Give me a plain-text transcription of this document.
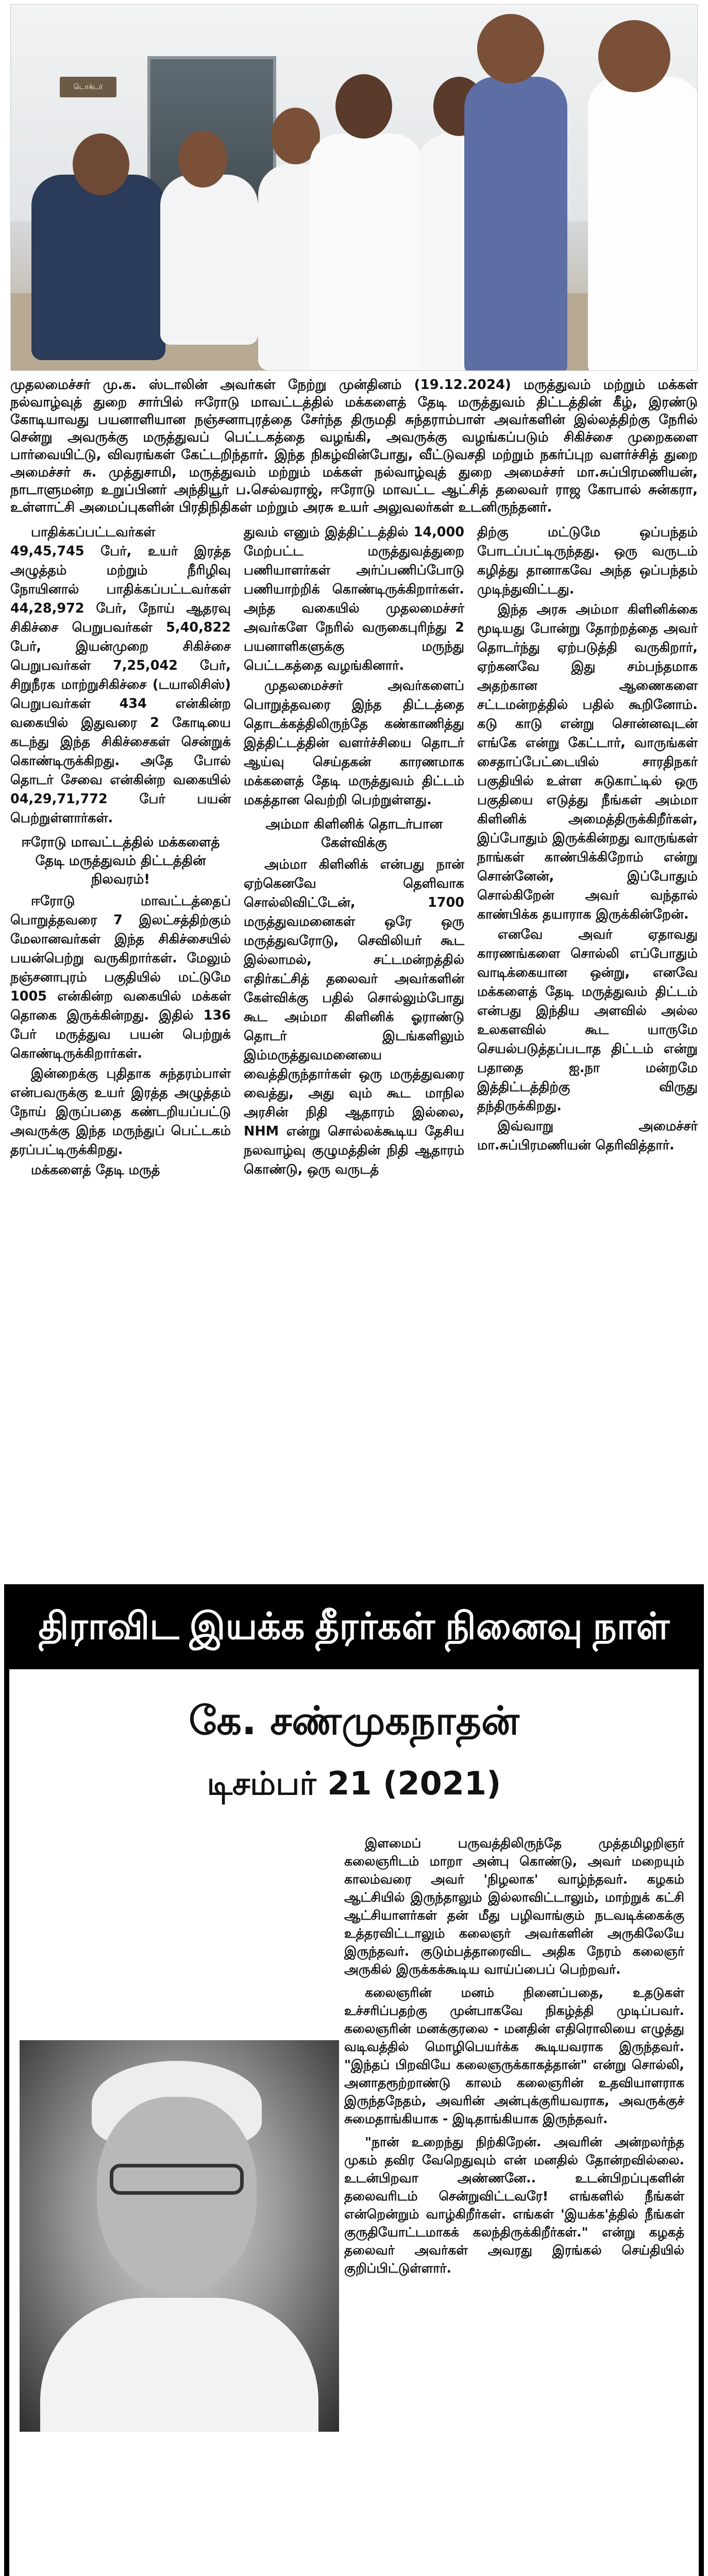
டொக்டர்
முதலமைச்சர் மு.க. ஸ்டாலின் அவர்கள் நேற்று முன்தினம் (19.12.2024) மருத்துவம் மற்றும் மக்கள் நல்வாழ்வுத் துறை சார்பில் ஈரோடு மாவட்டத்தில் மக்களைத் தேடி மருத்துவம் திட்டத்தின் கீழ், இரண்டு கோடியாவது பயனாளியான நஞ்சனாபுரத்தை சேர்ந்த திருமதி சுந்தராம்பாள் அவர்களின் இல்லத்திற்கு நேரில் சென்று அவருக்கு மருத்துவப் பெட்டகத்தை வழங்கி, அவருக்கு வழங்கப்படும் சிகிச்சை முறைகளை பார்வையிட்டு, விவரங்கள் கேட்டறிந்தார். இந்த நிகழ்வின்போது, வீட்டுவசதி மற்றும் நகர்ப்புற வளர்ச்சித் துறை அமைச்சர் சு. முத்துசாமி, மருத்துவம் மற்றும் மக்கள் நல்வாழ்வுத் துறை அமைச்சர் மா.சுப்பிரமணியன், நாடாளுமன்ற உறுப்பினர் அந்தியூர் ப.செல்வராஜ், ஈரோடு மாவட்ட ஆட்சித் தலைவர் ராஜ கோபால் சுன்கரா, உள்ளாட்சி அமைப்புகளின் பிரதிநிதிகள் மற்றும் அரசு உயர் அலுவலர்கள் உடனிருந்தனர்.

பாதிக்கப்பட்டவர்கள் 49,45,745 பேர், உயர் இரத்த அழுத்தம் மற்றும் நீரிழிவு நோயினால் பாதிக்கப்பட்டவர்கள் 44,28,972 பேர், நோய் ஆதரவு சிகிச்சை பெறுபவர்கள் 5,40,822 பேர், இயன்முறை சிகிச்சை பெறுபவர்கள் 7,25,042 பேர், சிறுநீரக மாற்றுசிகிச்சை (டயாலிசிஸ்) பெறுபவர்கள் 434 என்கின்ற வகையில் இதுவரை 2 கோடியை கடந்து இந்த சிகிச்சைகள் சென்றுக் கொண்டிருக்கிறது. அதே போல் தொடர் சேவை என்கின்ற வகையில் 04,29,71,772 பேர் பயன் பெற்றுள்ளார்கள்.

ஈரோடு மாவட்டத்தில் மக்களைத் தேடி மருத்துவம் திட்டத்தின் நிலவரம்!

ஈரோடு மாவட்டத்தைப் பொறுத்தவரை 7 இலட்சத்திற்கும் மேலானவர்கள் இந்த சிகிச்சையில் பயன்பெற்று வருகிறார்கள். மேலும் நஞ்சனாபுரம் பகுதியில் மட்டுமே 1005 என்கின்ற வகையில் மக்கள் தொகை இருக்கின்றது. இதில் 136 பேர் மருத்துவ பயன் பெற்றுக் கொண்டிருக்கிறார்கள்.

இன்றைக்கு புதிதாக சுந்தரம்பாள் என்பவருக்கு உயர் இரத்த அழுத்தம் நோய் இருப்பதை கண்டறியப்பட்டு அவருக்கு இந்த மருந்துப் பெட்டகம் தரப்பட்டிருக்கிறது.

மக்களைத் தேடி மருத்

துவம் எனும் இத்திட்டத்தில் 14,000 மேற்பட்ட மருத்துவத்துறை பணியாளர்கள் அர்ப்பணிப்போடு பணியாற்றிக் கொண்டிருக்கிறார்கள். அந்த வகையில் முதலமைச்சர் அவர்களே நேரில் வருகைபுரிந்து 2 பயனாளிகளுக்கு மருந்து பெட்டகத்தை வழங்கினார்.

முதலமைச்சர் அவர்களைப் பொறுத்தவரை இந்த திட்டத்தை தொடக்கத்திலிருந்தே கண்காணித்து இத்திட்டத்தின் வளர்ச்சியை தொடர் ஆய்வு செய்தகன் காரணமாக மக்களைத் தேடி மருத்துவம் திட்டம் மகத்தான வெற்றி பெற்றுள்ளது.

அம்மா கிளினிக் தொடர்பான கேள்விக்கு

அம்மா கிளினிக் என்பது நான் ஏற்கெனவே தெளிவாக சொல்லிவிட்டேன், 1700 மருத்துவமனைகள் ஒரே ஒரு மருத்துவரோடு, செவிலியர் கூட இல்லாமல், சட்டமன்றத்தில் எதிர்கட்சித் தலைவர் அவர்களின் கேள்விக்கு பதில் சொல்லும்போது கூட அம்மா கிளினிக் ஓராண்டு தொடர் இடங்களிலும் இம்மருத்துவமனையை வைத்திருந்தார்கள் ஒரு மருத்துவரை வைத்து, அது வும் கூட மாநில அரசின் நிதி ஆதாரம் இல்லை, NHM என்று சொல்லக்கூடிய தேசிய நலவாழ்வு குழுமத்தின் நிதி ஆதாரம் கொண்டு, ஒரு வருடத்

திற்கு மட்டுமே ஒப்பந்தம் போடப்பட்டிருந்தது. ஒரு வருடம் கழித்து தானாகவே அந்த ஒப்பந்தம் முடிந்துவிட்டது.

இந்த அரசு அம்மா கிளினிக்கை மூடியது போன்று தோற்றத்தை அவர் தொடர்ந்து ஏற்படுத்தி வருகிறார், ஏற்கனவே இது சம்பந்தமாக அதற்கான ஆணைகளை சட்டமன்றத்தில் பதில் கூறினோம். கடு காடு என்று சொன்னவுடன் எங்கே என்று கேட்டார், வாருங்கள் சைதாப்பேட்டையில் சாரதிநகர் பகுதியில் உள்ள சுடுகாட்டில் ஒரு பகுதியை எடுத்து நீங்கள் அம்மா கிளினிக் அமைத்திருக்கிறீர்கள், இப்போதும் இருக்கின்றது வாருங்கள் நாங்கள் காண்பிக்கிறோம் என்று சொன்னேன், இப்போதும் சொல்கிறேன் அவர் வந்தால் காண்பிக்க தயாராக இருக்கின்றேன்.

எனவே அவர் ஏதாவது காரணங்களை சொல்லி எப்போதும் வாடிக்கையான ஒன்று, எனவே மக்களைத் தேடி மருத்துவம் திட்டம் என்பது இந்திய அளவில் அல்ல உலகளவில் கூட யாருமே செயல்படுத்தப்படாத திட்டம் என்று பதாதை ஐ.நா மன்றமே இத்திட்டத்திற்கு விருது தந்திருக்கிறது.

இவ்வாறு அமைச்சர் மா.சுப்பிரமணியன் தெரிவித்தார்.

திராவிட இயக்க தீரர்கள் நினைவு நாள்
கே. சண்முகநாதன்
டிசம்பர் 21 (2021)

இளமைப் பருவத்திலிருந்தே முத்தமிழறிஞர் கலைஞரிடம் மாறா அன்பு கொண்டு, அவர் மறையும் காலம்வரை அவர் 'நிழலாக' வாழ்ந்தவர். கழகம் ஆட்சியில் இருந்தாலும் இல்லாவிட்டாலும், மாற்றுக் கட்சி ஆட்சியாளர்கள் தன் மீது பழிவாங்கும் நடவடிக்கைக்கு உத்தரவிட்டாலும் கலைஞர் அவர்களின் அருகிலேயே இருந்தவர். குடும்பத்தாரைவிட அதிக நேரம் கலைஞர் அருகில் இருக்கக்கூடிய வாய்ப்பைப் பெற்றவர்.

கலைஞரின் மனம் நினைப்பதை, உதடுகள் உச்சரிப்பதற்கு முன்பாகவே நிகழ்த்தி முடிப்பவர். கலைஞரின் மனக்குரலை - மனதின் எதிரொலியை எழுத்து வடிவத்தில் மொழிபெயர்க்க கூடியவராக இருந்தவர். "இந்தப் பிறவியே கலைஞருக்காகத்தான்" என்று சொல்லி, அனாதரூற்றாண்டு காலம் கலைஞரின் உதவியாளராக இருந்தநேதம், அவரின் அன்புக்குரியவராக, அவருக்குச் சுமைதாங்கியாக - இடிதாங்கியாக இருந்தவர்.

"நான் உறைந்து நிற்கிறேன். அவரின் அன்றலர்ந்த முகம் தவிர வேறெதுவும் என் மனதில் தோன்றவில்லை. உடன்பிறவா அண்ணனே.. உடன்பிறப்புகளின் தலைவரிடம் சென்றுவிட்டவரே! எங்களில் நீங்கள் என்றென்றும் வாழ்கிறீர்கள். எங்கள் 'இயக்க'த்தில் நீங்கள் குருதியோட்டமாகக் கலந்திருக்கிறீர்கள்." என்று கழகத் தலைவர் அவர்கள் அவரது இரங்கல் செய்தியில் குறிப்பிட்டுள்ளார்.
